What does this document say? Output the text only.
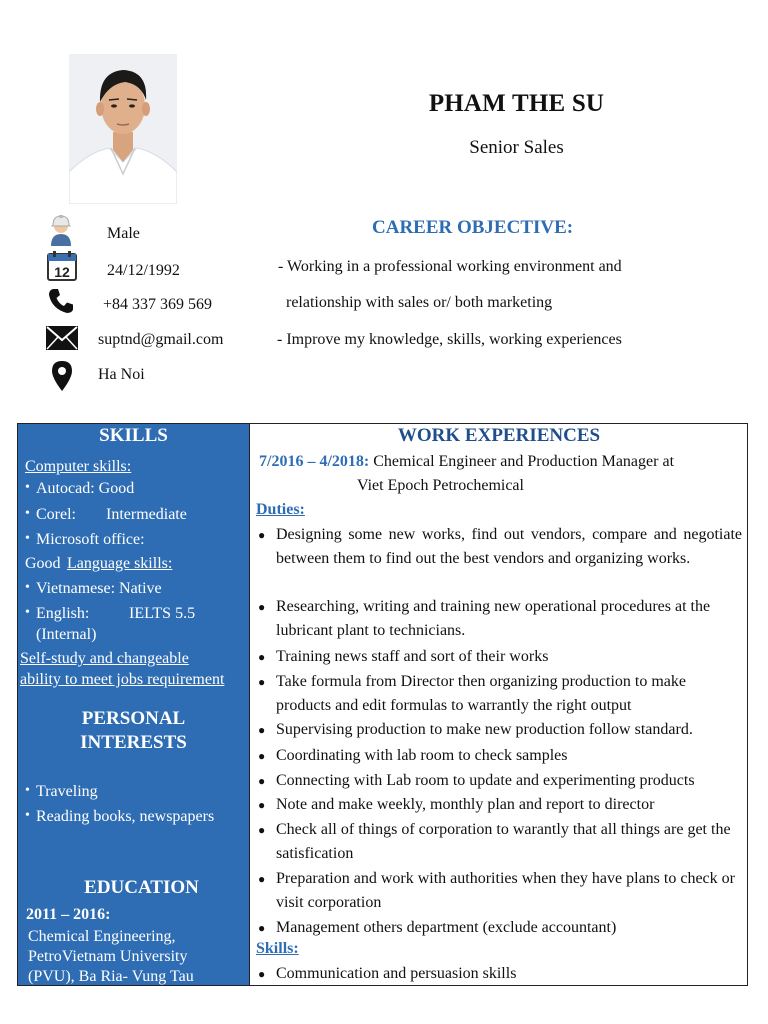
PHAM THE SU
Senior Sales
Male
12 24/12/1992
+84 337 369 569
suptnd@gmail.com
Ha Noi
CAREER OBJECTIVE:
- Working in a professional working environment and
relationship with sales or/ both marketing
- Improve my knowledge, skills, working experiences
SKILLS
Computer skills:
• Autocad: Good
• Corel: Intermediate
• Microsoft office:
Good Language skills:
• Vietnamese: Native
• English: IELTS 5.5
(Internal)
Self-study and changeable
ability to meet jobs requirement
PERSONAL
INTERESTS
• Traveling
• Reading books, newspapers
EDUCATION
2011 – 2016:
Chemical Engineering,
PetroVietnam University
(PVU), Ba Ria- Vung Tau
WORK EXPERIENCES
7/2016 – 4/2018: Chemical Engineer and Production Manager at
Viet Epoch Petrochemical
Duties:
● Designing some new works, find out vendors, compare and negotiate between them to find out the best vendors and organizing works.
● Researching, writing and training new operational procedures at the lubricant plant to technicians.
● Training news staff and sort of their works
● Take formula from Director then organizing production to make products and edit formulas to warrantly the right output
● Supervising production to make new production follow standard.
● Coordinating with lab room to check samples
● Connecting with Lab room to update and experimenting products
● Note and make weekly, monthly plan and report to director
● Check all of things of corporation to warantly that all things are get the satisfication
● Preparation and work with authorities when they have plans to check or visit corporation
● Management others department (exclude accountant)
Skills:
● Communication and persuasion skills
